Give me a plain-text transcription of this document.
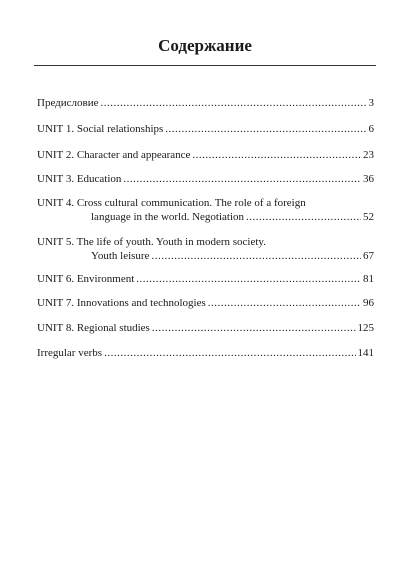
Содержание
Предисловие .....	3
UNIT 1. Social relationships .....	6
UNIT 2. Character and appearance .....	23
UNIT 3. Education .....	36
UNIT 4. Cross cultural communication. The role of a foreign
language in the world. Negotiation .....	52
UNIT 5. The life of youth. Youth in modern society.
Youth leisure .....	67
UNIT 6. Environment .....	81
UNIT 7. Innovations and technologies .....	96
UNIT 8. Regional studies .....	125
Irregular verbs .....	141
